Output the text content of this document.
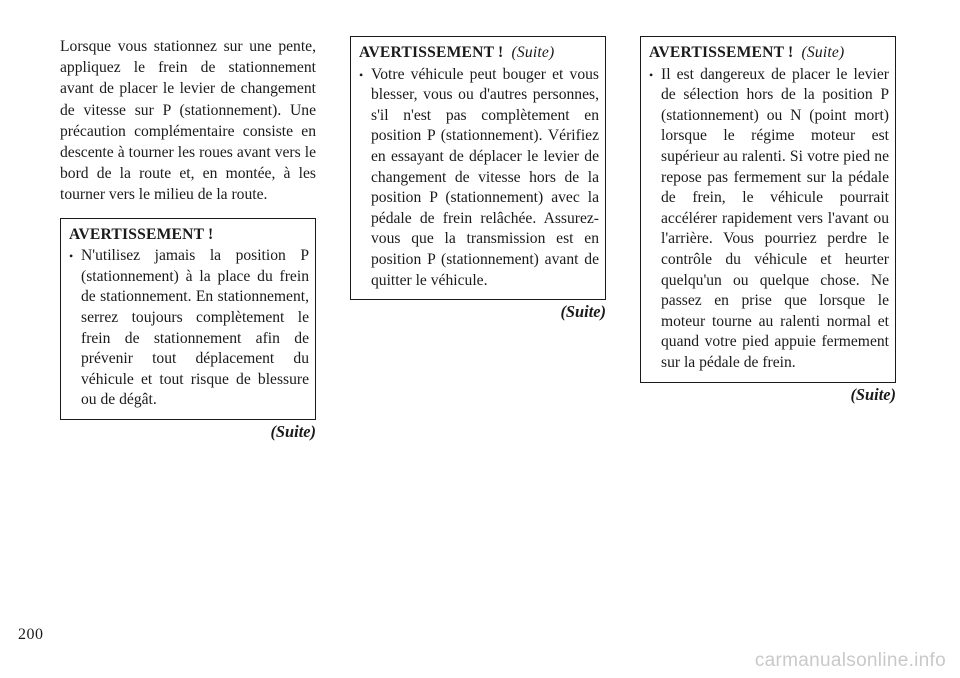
Lorsque vous stationnez sur une pente, appliquez le frein de stationnement avant de placer le levier de changement de vitesse sur P (stationnement). Une précaution complémentaire consiste en descente à tourner les roues avant vers le bord de la route et, en montée, à les tourner vers le milieu de la route.

AVERTISSEMENT !
• N'utilisez jamais la position P (stationnement) à la place du frein de stationnement. En stationnement, serrez toujours complètement le frein de stationnement afin de prévenir tout déplacement du véhicule et tout risque de blessure ou de dégât.
(Suite)
AVERTISSEMENT ! (Suite)
• Votre véhicule peut bouger et vous blesser, vous ou d'autres personnes, s'il n'est pas complètement en position P (stationnement). Vérifiez en essayant de déplacer le levier de changement de vitesse hors de la position P (stationnement) avec la pédale de frein relâchée. Assurez-vous que la transmission est en position P (stationnement) avant de quitter le véhicule.
(Suite)
AVERTISSEMENT ! (Suite)
• Il est dangereux de placer le levier de sélection hors de la position P (stationnement) ou N (point mort) lorsque le régime moteur est supérieur au ralenti. Si votre pied ne repose pas fermement sur la pédale de frein, le véhicule pourrait accélérer rapidement vers l'avant ou l'arrière. Vous pourriez perdre le contrôle du véhicule et heurter quelqu'un ou quelque chose. Ne passez en prise que lorsque le moteur tourne au ralenti normal et quand votre pied appuie fermement sur la pédale de frein.
(Suite)
200
carmanualsonline.info
